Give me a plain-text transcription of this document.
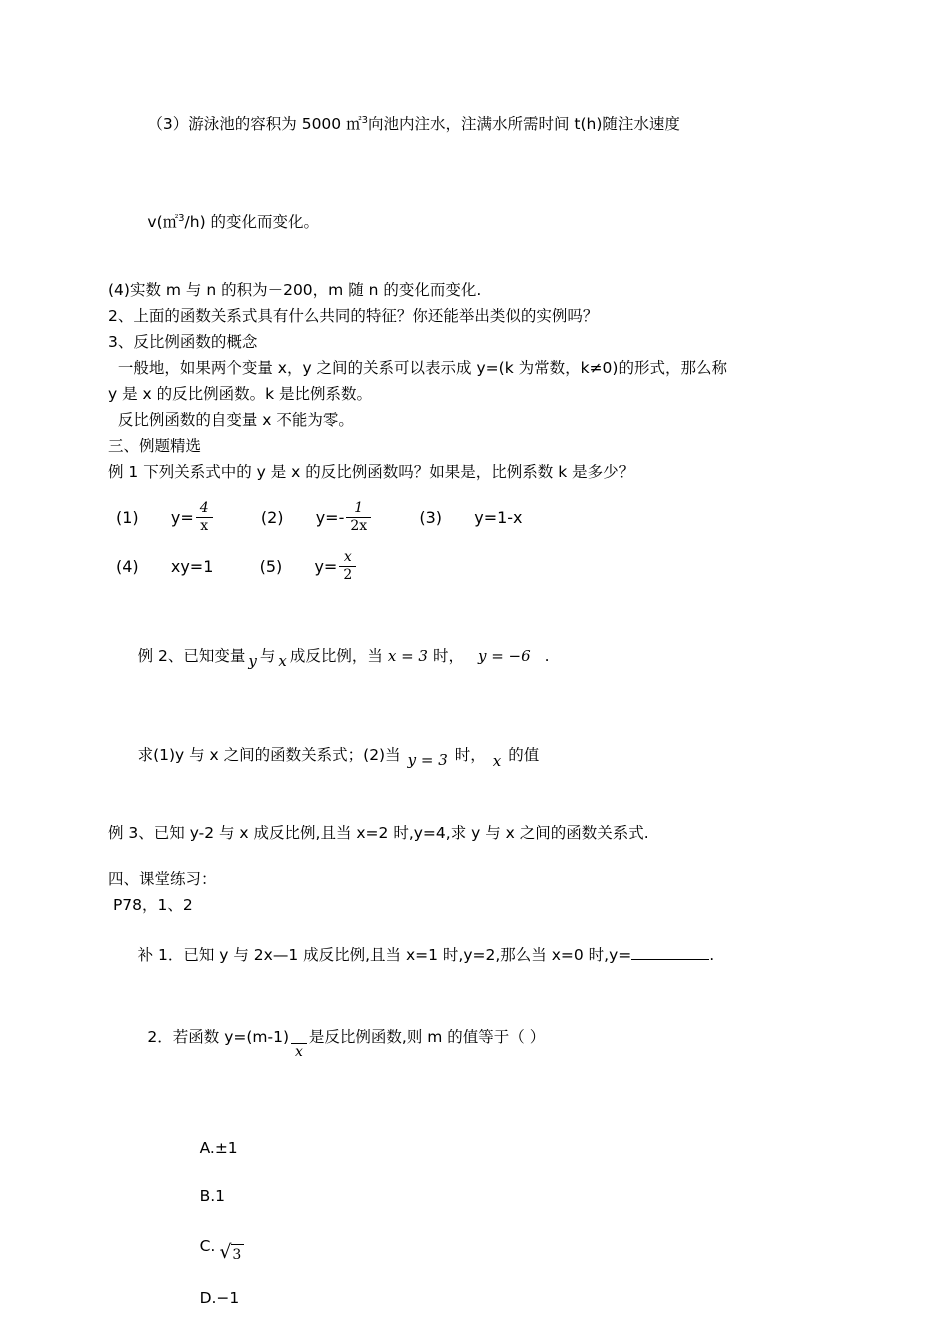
（3）游泳池的容积为 5000 ㎡$^3$向池内注水，注满水所需时间 t(h)随注水速度

v(㎡$^3$/h) 的变化而变化。

(4)实数 m 与 n 的积为－200，m 随 n 的变化而变化.

2、上面的函数关系式具有什么共同的特征？你还能举出类似的实例吗？

3、反比例函数的概念

一般地，如果两个变量 x，y 之间的关系可以表示成 y=(k 为常数，k≠0)的形式，那么称

y 是 x 的反比例函数。k 是比例系数。

反比例函数的自变量 x 不能为零。

三、例题精选

例 1 下列关系式中的 y 是 x 的反比例函数吗？如果是，比例系数 k 是多少？

(1) $y= \frac{4}{x}$	(2) $y=- \frac{1}{2x}$	(3) y=1-x
(4) xy=1	(5) $y= \frac{x}{2}$

例 2、已知变量 y 与 x 成反比例，当 x = 3 时， y = −6 .

求(1)y 与 x 之间的函数关系式；(2)当 y = 3 时， x 的值

例 3、已知 y-2 与 x 成反比例,且当 x=2 时,y=4,求 y 与 x 之间的函数关系式.

四、课堂练习：

P78，1、2

补 1．已知 y 与 2x—1 成反比例,且当 x=1 时,y=2,那么当 x=0 时,y=	.

2．若函数 y=(m-1)

x
是反比例函数,则 m 的值等于（ ）

A.±1

B.1

C. √3

D.−1
